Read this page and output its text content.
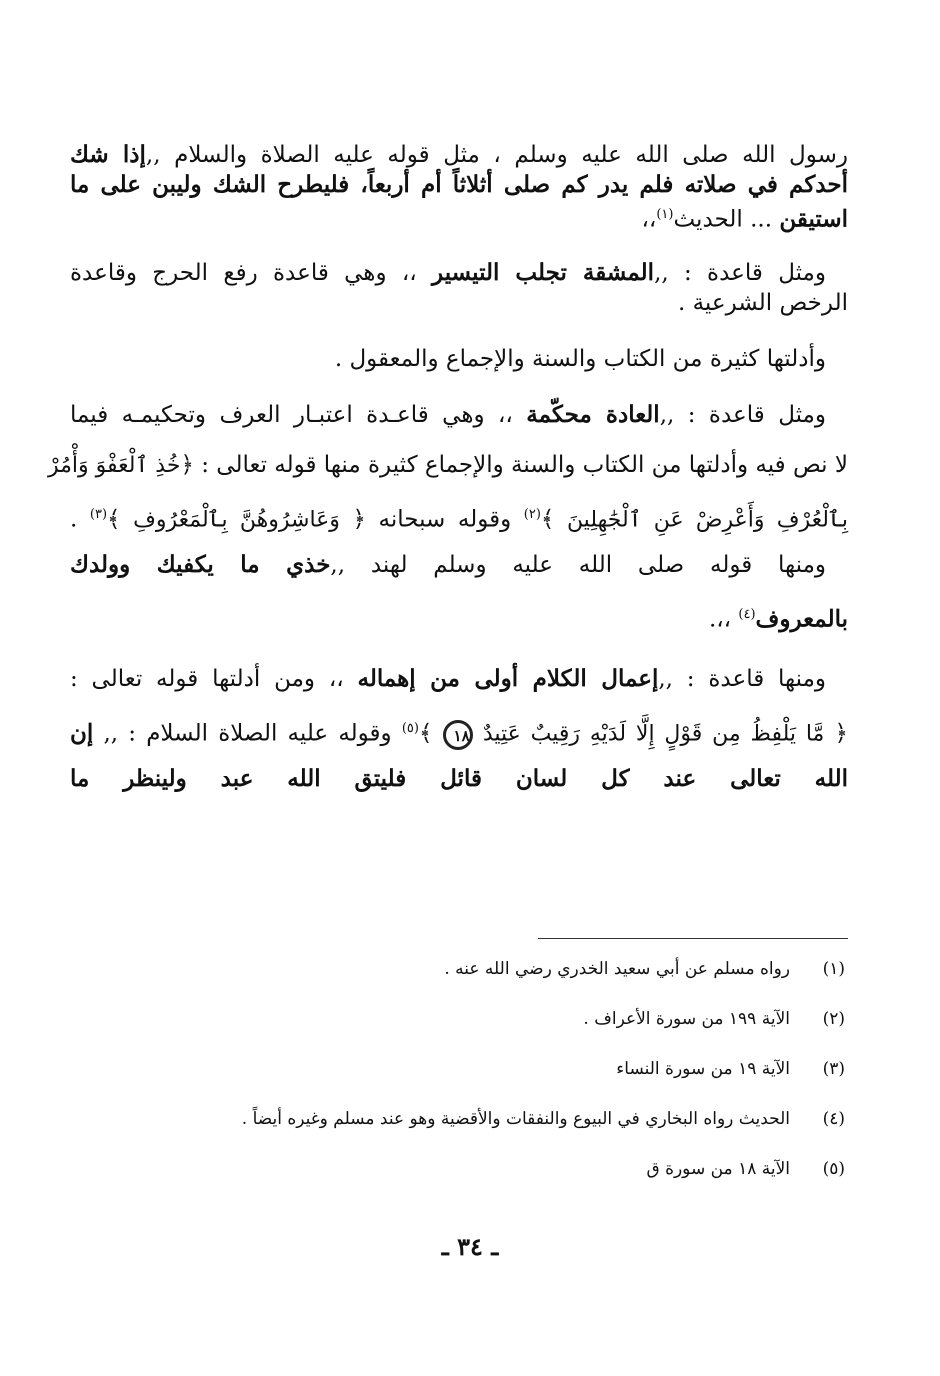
رسول الله صلى الله عليه وسلم ، مثل قوله عليه الصلاة والسلام ,,إذا شك

أحدكم في صلاته فلم يدر كم صلى أثلاثاً أم أربعاً، فليطرح الشك وليبن على ما

استيقن ... الحديث$^{(١)}$،،

ومثل قاعدة : ,,المشقة تجلب التيسير ،، وهي قاعدة رفع الحرج وقاعدة

الرخص الشرعية .

وأدلتها كثيرة من الكتاب والسنة والإجماع والمعقول .

ومثل قاعدة : ,,العادة محكّمة ،، وهي قاعـدة اعتبـار العرف وتحكيمـه فيما

لا نص فيه وأدلتها من الكتاب والسنة والإجماع كثيرة منها قوله تعالى : ﴿خُذِ ٱلْعَفْوَ وَأْمُرْ

بِٱلْعُرْفِ وَأَعْرِضْ عَنِ ٱلْجَٰهِلِينَ ﴾$^{(٢)}$ وقوله سبحانه ﴿ وَعَاشِرُوهُنَّ بِٱلْمَعْرُوفِ ﴾$^{(٣)}$ .

ومنها قوله صلى الله عليه وسلم لهند ,,خذي ما يكفيك وولدك

بالمعروف$^{(٤)}$ ،،.

ومنها قاعدة : ,,إعمال الكلام أولى من إهماله ،، ومن أدلتها قوله تعالى :

﴿ مَّا يَلْفِظُ مِن قَوْلٍ إِلَّا لَدَيْهِ رَقِيبٌ عَتِيدٌ ١٨ ﴾$^{(٥)}$ وقوله عليه الصلاة السلام : ,, إن

الله تعالى عند كل لسان قائل فليتق الله عبد ولينظر ما

(١)
رواه مسلم عن أبي سعيد الخدري رضي الله عنه .
(٢)
الآية ١٩٩ من سورة الأعراف .
(٣)
الآية ١٩ من سورة النساء
(٤)
الحديث رواه البخاري في البيوع والنفقات والأقضية وهو عند مسلم وغيره أيضاً .
(٥)
الآية ١٨ من سورة ق
ـ ٣٤ ـ
